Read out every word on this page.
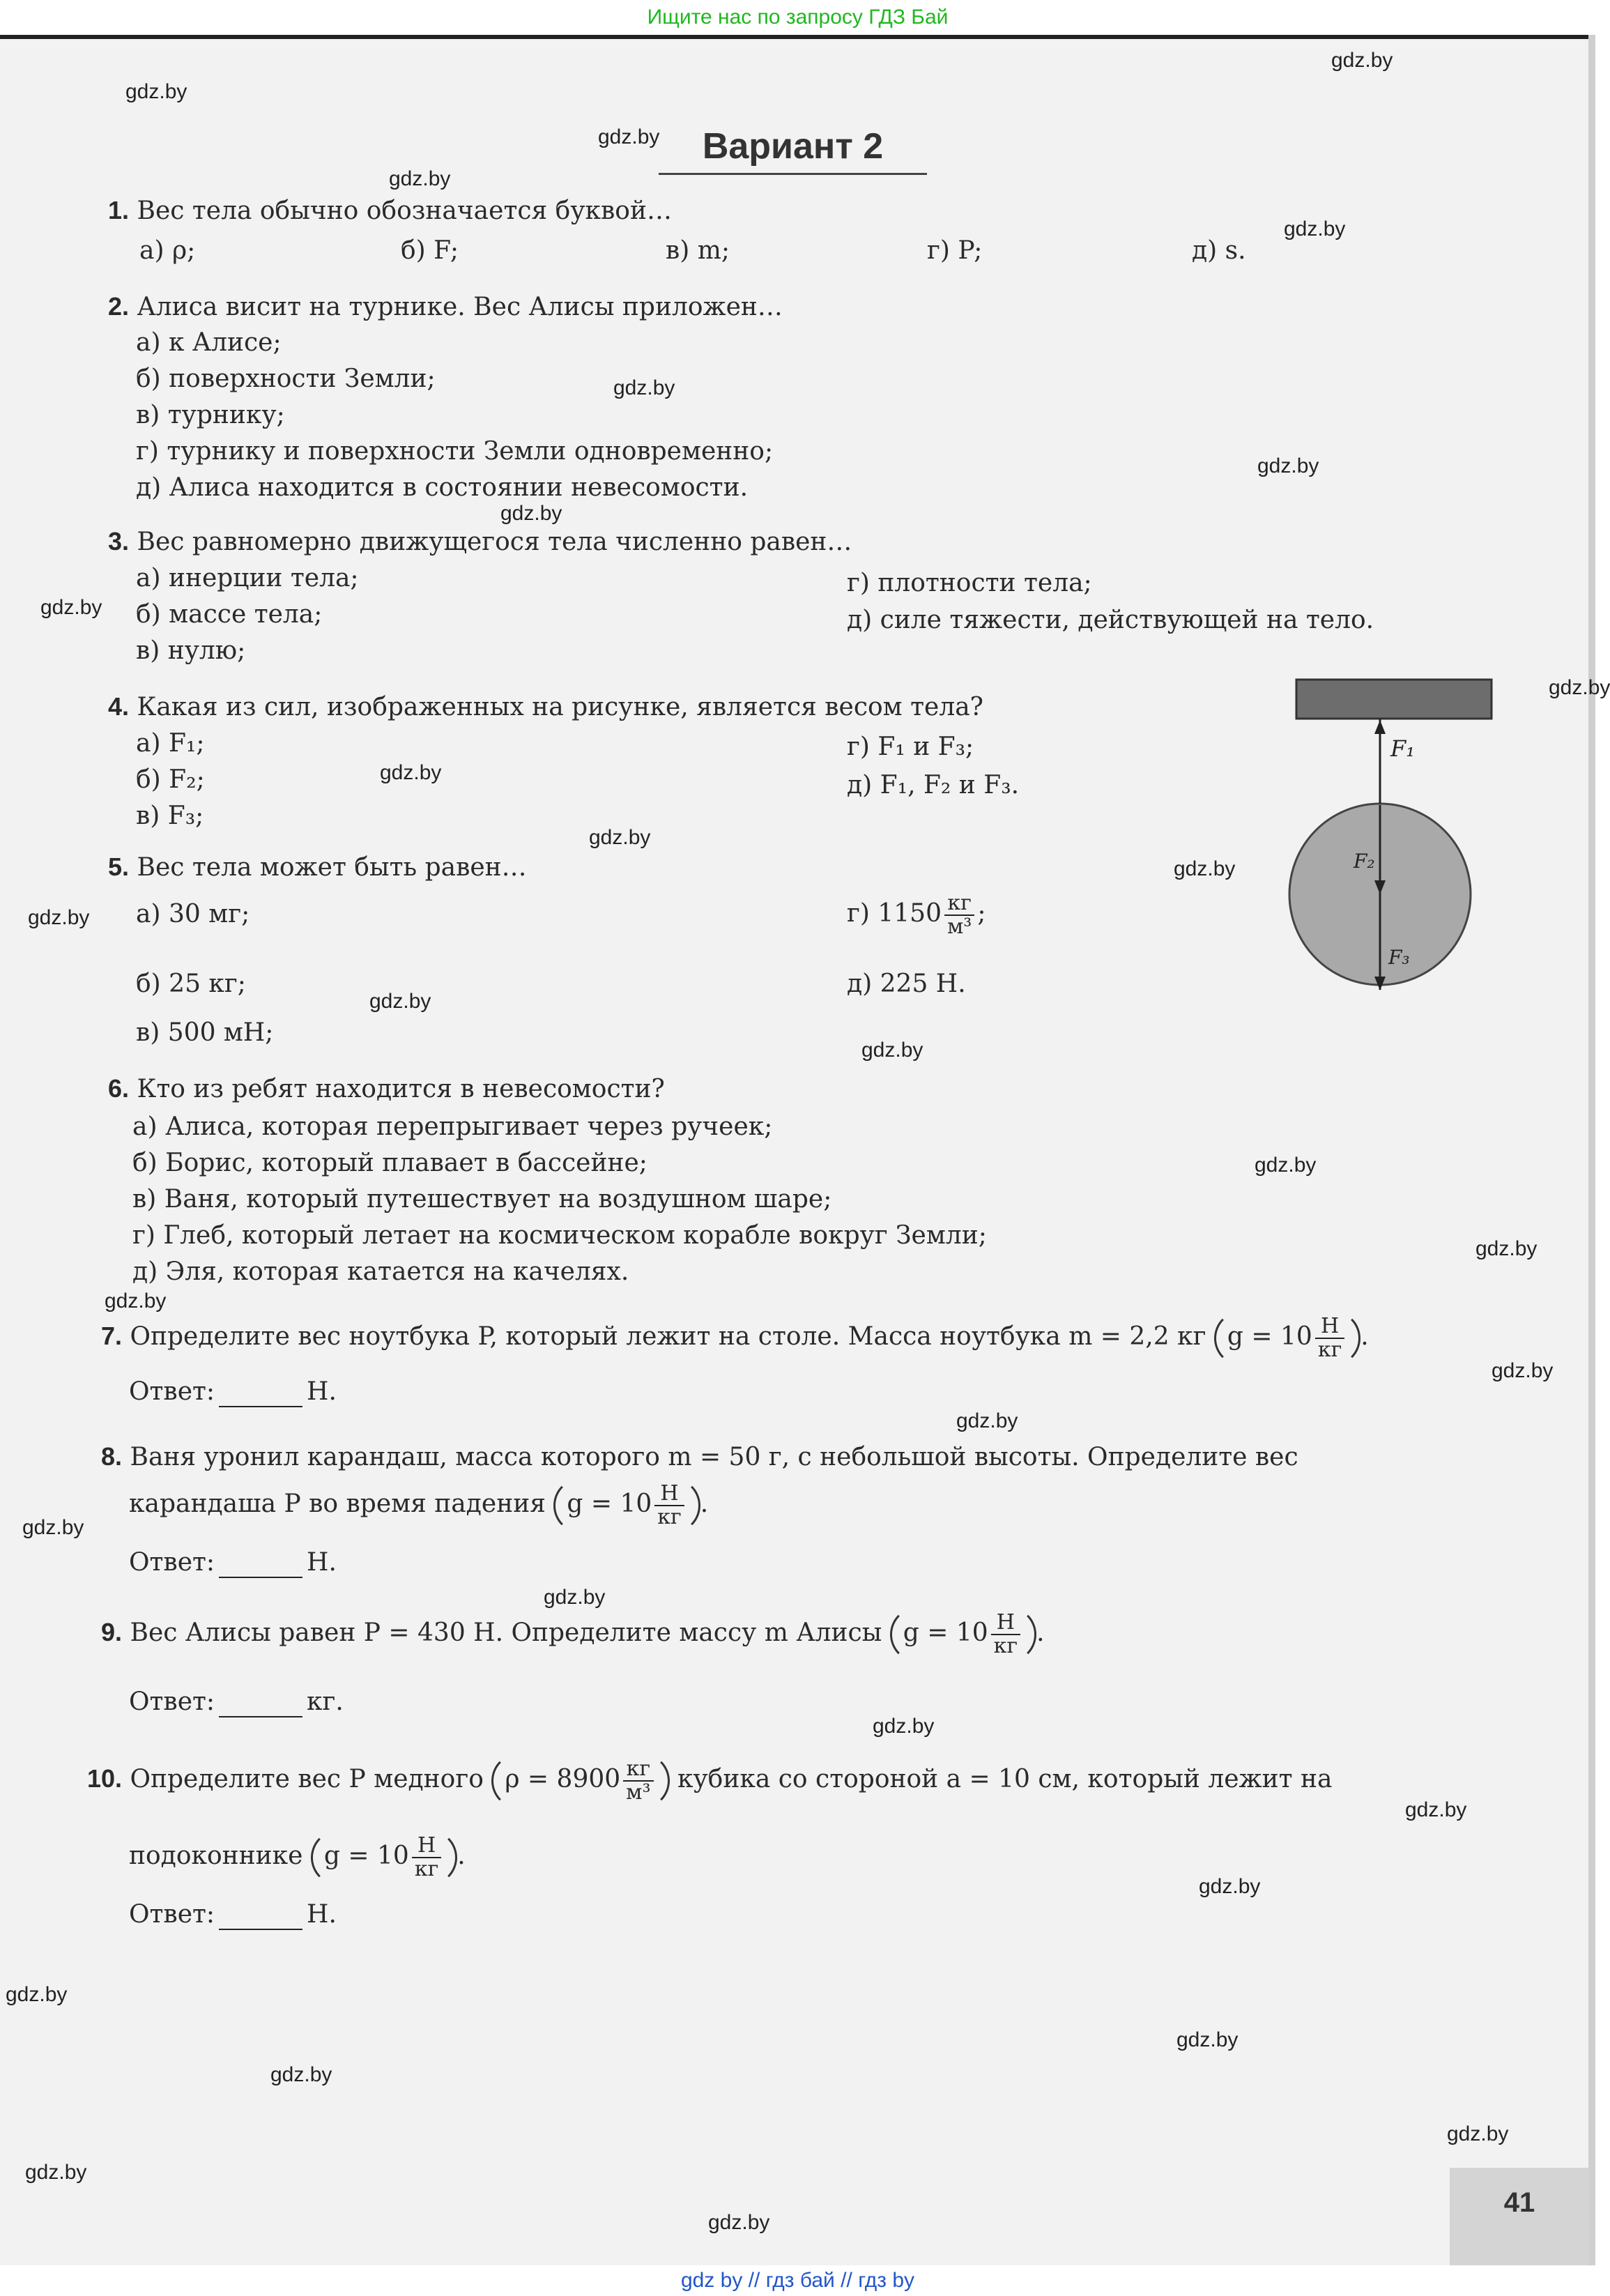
Ищите нас по запросу ГДЗ Бай
gdz.by
gdz.by
gdz.by
gdz.by
gdz.by
gdz.by
gdz.by
gdz.by
gdz.by
gdz.by
gdz.by
gdz.by
gdz.by
gdz.by
gdz.by
gdz.by
gdz.by
gdz.by
gdz.by
gdz.by
gdz.by
gdz.by
gdz.by
gdz.by
gdz.by
gdz.by
gdz.by
gdz.by
gdz.by
gdz.by
gdz.by
gdz.by
Вариант 2
1. Вес тела обычно обозначается буквой…
а) ρ;	б) F;	в) m;	г) P;	д) s.
2. Алиса висит на турнике. Вес Алисы приложен…
а) к Алисе;
б) поверхности Земли;
в) турнику;
г) турнику и поверхности Земли одновременно;
д) Алиса находится в состоянии невесомости.
3. Вес равномерно движущегося тела численно равен…
а) инерции тела;
б) массе тела;
в) нулю;
г) плотности тела;
д) силе тяжести, действующей на тело.
4. Какая из сил, изображенных на рисунке, является весом тела?
а) F₁;
б) F₂;
в) F₃;
г) F₁ и F₃;
д) F₁, F₂ и F₃.
F₁
F₂
F₃
5. Вес тела может быть равен…
а) 30 мг;
б) 25 кг;
в) 500 мН;
г) $1150 \frac{кг}{\text{м³}}$ ;
д) 225 Н.
6. Кто из ребят находится в невесомости?
а) Алиса, которая перепрыгивает через ручеек;
б) Борис, который плавает в бассейне;
в) Ваня, который путешествует на воздушном шаре;
г) Глеб, который летает на космическом корабле вокруг Земли;
д) Эля, которая катается на качелях.
7. Определите вес ноутбука P, который лежит на столе. Масса ноутбука m = 2,2 кг $g = 10 \frac{Н}{кг}$ .
Ответ:	Н.
8. Ваня уронил карандаш, масса которого m = 50 г, с небольшой высоты. Определите вес
карандаша P во время падения $g = 10 \frac{Н}{кг}$ .
Ответ:	Н.
9. Вес Алисы равен P = 430 Н. Определите массу m Алисы $g = 10 \frac{Н}{кг}$ .
Ответ:	кг.
10. Определите вес P медного $\rho = 8900 \frac{кг}{\text{м³}}$ кубика со стороной a = 10 см, который лежит на
подоконнике $g = 10 \frac{Н}{кг}$ .
Ответ:	Н.
41
gdz by // гдз бай // гдз by
